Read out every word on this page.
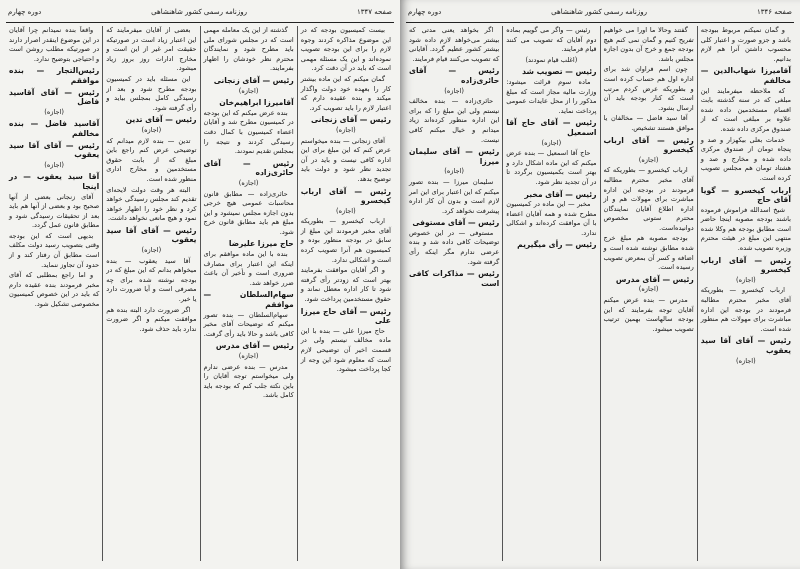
صفحه ۱۳۴۷
روزنامه رسمی کشور شاهنشاهی
دوره چهارم

بیست کمیسیون بودجه که در این موضوع مذاکره کردند وجوه لازم را برای این بودجه تصویب نموده‌اند و این یک مسئله مهمی است که باید در آن دقت کرد.

گمان میکنم که این ماده بیشتر کار را بعهده خود دولت واگذار میکند و بنده عقیده دارم که اعتبار لازم را باید تصویب کرد.

رئیس — آقای زنجانی

(اجازه)

آقای زنجانی — بنده میخواستم عرض کنم که این مبلغ برای این اداره کافی نیست و باید در آن تجدید نظر شود و دولت باید توضیح بدهد.

رئیس — آقای ارباب کیخسرو

(اجازه)

ارباب کیخسرو — بطوریکه آقای مخبر فرمودند این مبلغ از سابق در بودجه منظور بوده و کمیسیون هم آنرا تصویب کرده است و اشکالی ندارد.

و اگر آقایان موافقت بفرمایند بهتر است که زودتر رأی گرفته شود تا کار اداره معطل نماند و حقوق مستخدمین پرداخت شود.

رئیس — آقای حاج میرزا علی

حاج میرزا علی — بنده با این ماده مخالف نیستم ولی در قسمت اخیر آن توضیحی لازم است که معلوم شود این وجه از کجا پرداخت میشود.

گذشته از این یک معامله مهمی است که در مجلس شورای ملی باید مطرح شود و نمایندگان محترم نظر خودشان را اظهار بفرمایند.

رئیس — آقای زنجانی

(اجازه)

آقامیرزا ابراهیم‌خان

بنده عرض میکنم که این بودجه در کمیسیون مطرح شد و آقایان اعضاء کمیسیون با کمال دقت رسیدگی کردند و نتیجه را بمجلس تقدیم نمودند.

رئیس — آقای حائری‌زاده

(اجازه)

حائری‌زاده — مطابق قانون محاسبات عمومی هیچ خرجی بدون اجازه مجلس نمیشود و این مبلغ هم باید مطابق قانون خرج شود.

حاج میرزا علیرضا

بنده با این ماده موافقم برای اینکه این اعتبار برای مصارف ضروری است و تأخیر آن باعث ضرر خواهد شد.

سهام‌السلطان — موافقم

سهام‌السلطان — بنده تصور میکنم که توضیحات آقای مخبر کافی باشد و حالا باید رأی گرفت.

رئیس — آقای مدرس

(اجازه)

مدرس — بنده عرضی ندارم ولی میخواستم توجه آقایان را باین نکته جلب کنم که بودجه باید کامل باشد.

بعضی از آقایان میفرمایند که این اعتبار زیاد است در صورتیکه حقیقت امر غیر از این است و مخارج ادارات روز بروز زیاد میشود.

این مسئله باید در کمیسیون بودجه مطرح شود و بعد از رسیدگی کامل بمجلس بیاید و رأی گرفته شود.

رئیس — آقای تدین

(اجازه)

تدین — بنده لازم میدانم که توضیحی عرض کنم راجع باین مبلغ که از بابت حقوق مستخدمین و مخارج اداری منظور شده است.

البته هر وقت دولت لایحه‌ای تقدیم کند مجلس رسیدگی خواهد کرد و نظر خود را اظهار خواهد نمود و هیچ مانعی نخواهد داشت.

رئیس — آقای آقا سید یعقوب

(اجازه)

آقا سید یعقوب — بنده میخواهم بدانم که این مبلغ که در بودجه نوشته شده برای چه مصرفی است و آیا ضرورت دارد یا خیر.

اگر ضرورت دارد البته بنده هم موافقت میکنم و اگر ضرورت ندارد باید حذف شود.

واقعاً بنده نمیدانم چرا آقایان در این موضوع اینقدر اصرار دارند در صورتیکه مطلب روشن است و احتیاجی بتوضیح ندارد.

رئیس‌التجار — بنده موافقم

رئیس — آقای آقاسید فاضل

(اجازه)

آقاسید فاضل — بنده مخالفم

رئیس — آقای آقا سید یعقوب

(اجازه)

آقا سید یعقوب — در اینجا

آقای زنجانی بعضی از آنها صحیح بود و بعضی از آنها هم باید بعد از تحقیقات رسیدگی شود و مطابق قانون عمل گردد.

بدیهی است که این بودجه وقتی بتصویب رسید دولت مکلف است مطابق آن رفتار کند و از حدود آن تجاوز ننماید.

و اما راجع بمطلبی که آقای مخبر فرمودند بنده عقیده دارم که باید در این خصوص کمیسیون مخصوصی تشکیل شود.

صفحه ۱۳۴۶
روزنامه رسمی کشور شاهنشاهی
دوره چهارم

و گمان نمیکنم مربوط ببودجه باشد و جزو صورت و اعتبار کلی محسوب داشتن آنرا هم لازم بدانیم.

آقامیرزا شهاب‌الدین — مخالفم

که ملاحظه میفرمایند این مبلغی که در سنه گذشته بابت اقسام مستخدمین داده شده علاوه بر مبلغی است که از صندوق مرکزی داده شده.

خدمات بعلی بیکهزار و صد و پنجاه تومان از صندوق مرکزی داده شده و مخارج و صد و هشتاد تومان هم مجلس تصویب کرده است.

ارباب کیخسرو — گویا آقای حاج

شیخ اسدالله فراموش فرموده باشند بودجه مصوبه اینجا حاضر است مطابق بودجه هم وکلا شده منتهی این مبلغ در هیئت محترم وزیره تصویب شده.

رئیس — آقای ارباب کیخسرو

(اجازه)

ارباب کیخسرو — بطوریکه آقای مخبر محترم مطالبه فرمودند در بودجه این اداره مباشرت برای مهولات هم منظور شده است.

رئیس — آقای آقا سید یعقوب

(اجازه)

گفتند وحالا ما اورا می خواهیم تفریح کنیم و گمان نمی کنم هیچ بودجه جمع و خرج آن بدون اجازه مجلس باشد.

چون اسم فراوان شد برای اداره اول هم حساب کرده است و بطوریکه عرض کردم مرتب است که کنار بودجه باید آن ارسال بشود.

آقا سید فاضل — مخالفان یا موافق هستند تشخیص.

رئیس — آقای ارباب کیخسرو

(اجازه)

ارباب کیخسرو — بطوریکه که آقای مخبر محترم مطالبه فرمودند در بودجه این اداره مباشرت برای مهولات هم و از اداره اطلاع آقایان نمایندگان محترم ستونی مخصوص دوانیده‌است.

بودجه مصوبه هم مبلغ خرج شده مطابق نوشته شده است و اضافه و کسر آن بمعرض تصویب رسیده است.

رئیس — آقای مدرس

(اجازه)

مدرس — بنده عرض میکنم آقایان توجه بفرمایند که این بودجه سالهاست بهمین ترتیب تصویب میشود.

رئیس — واگر می گوییم بماده دوم آقایان که تصویب می کنند قیام فرمایند.

(اغلب قیام نمودند)

رئیس — تصویب شد

ماده سوم قرائت میشود: وزارت مالیه مجاز است که مبلغ مذکور را از محل عایدات عمومی پرداخت نماید.

رئیس — آقای حاج آقا اسمعیل

(اجازه)

حاج آقا اسمعیل — بنده عرض میکنم که این ماده اشکال دارد و بهتر است بکمیسیون برگردد تا در آن تجدید نظر شود.

رئیس — آقای مخبر

مخبر — این ماده در کمیسیون مطرح شده و همه آقایان اعضاء با آن موافقت کرده‌اند و اشکالی ندارد.

رئیس — رأی میگیریم

اگر بخواهد یعنی مدتی که بیشتر می‌خواهد لازم داده شود بیشتر کشور عظیم گردد. آقایانی که تصویب می‌کنند قیام فرمایند.

رئیس — آقای حائری‌زاده

(اجازه)

حائری‌زاده — بنده مخالف نیستم ولی این مبلغ را که برای این اداره منظور کرده‌اند زیاد میدانم و خیال میکنم کافی نیست.

رئیس — آقای سلیمان میرزا

(اجازه)

سلیمان میرزا — بنده تصور میکنم که این اعتبار برای این امر لازم است و بدون آن کار اداره پیشرفت نخواهد کرد.

رئیس — آقای مستوفی

مستوفی — در این خصوص توضیحات کافی داده شد و بنده عرضی ندارم مگر اینکه رأی گرفته شود.

رئیس — مذاکرات کافی است
